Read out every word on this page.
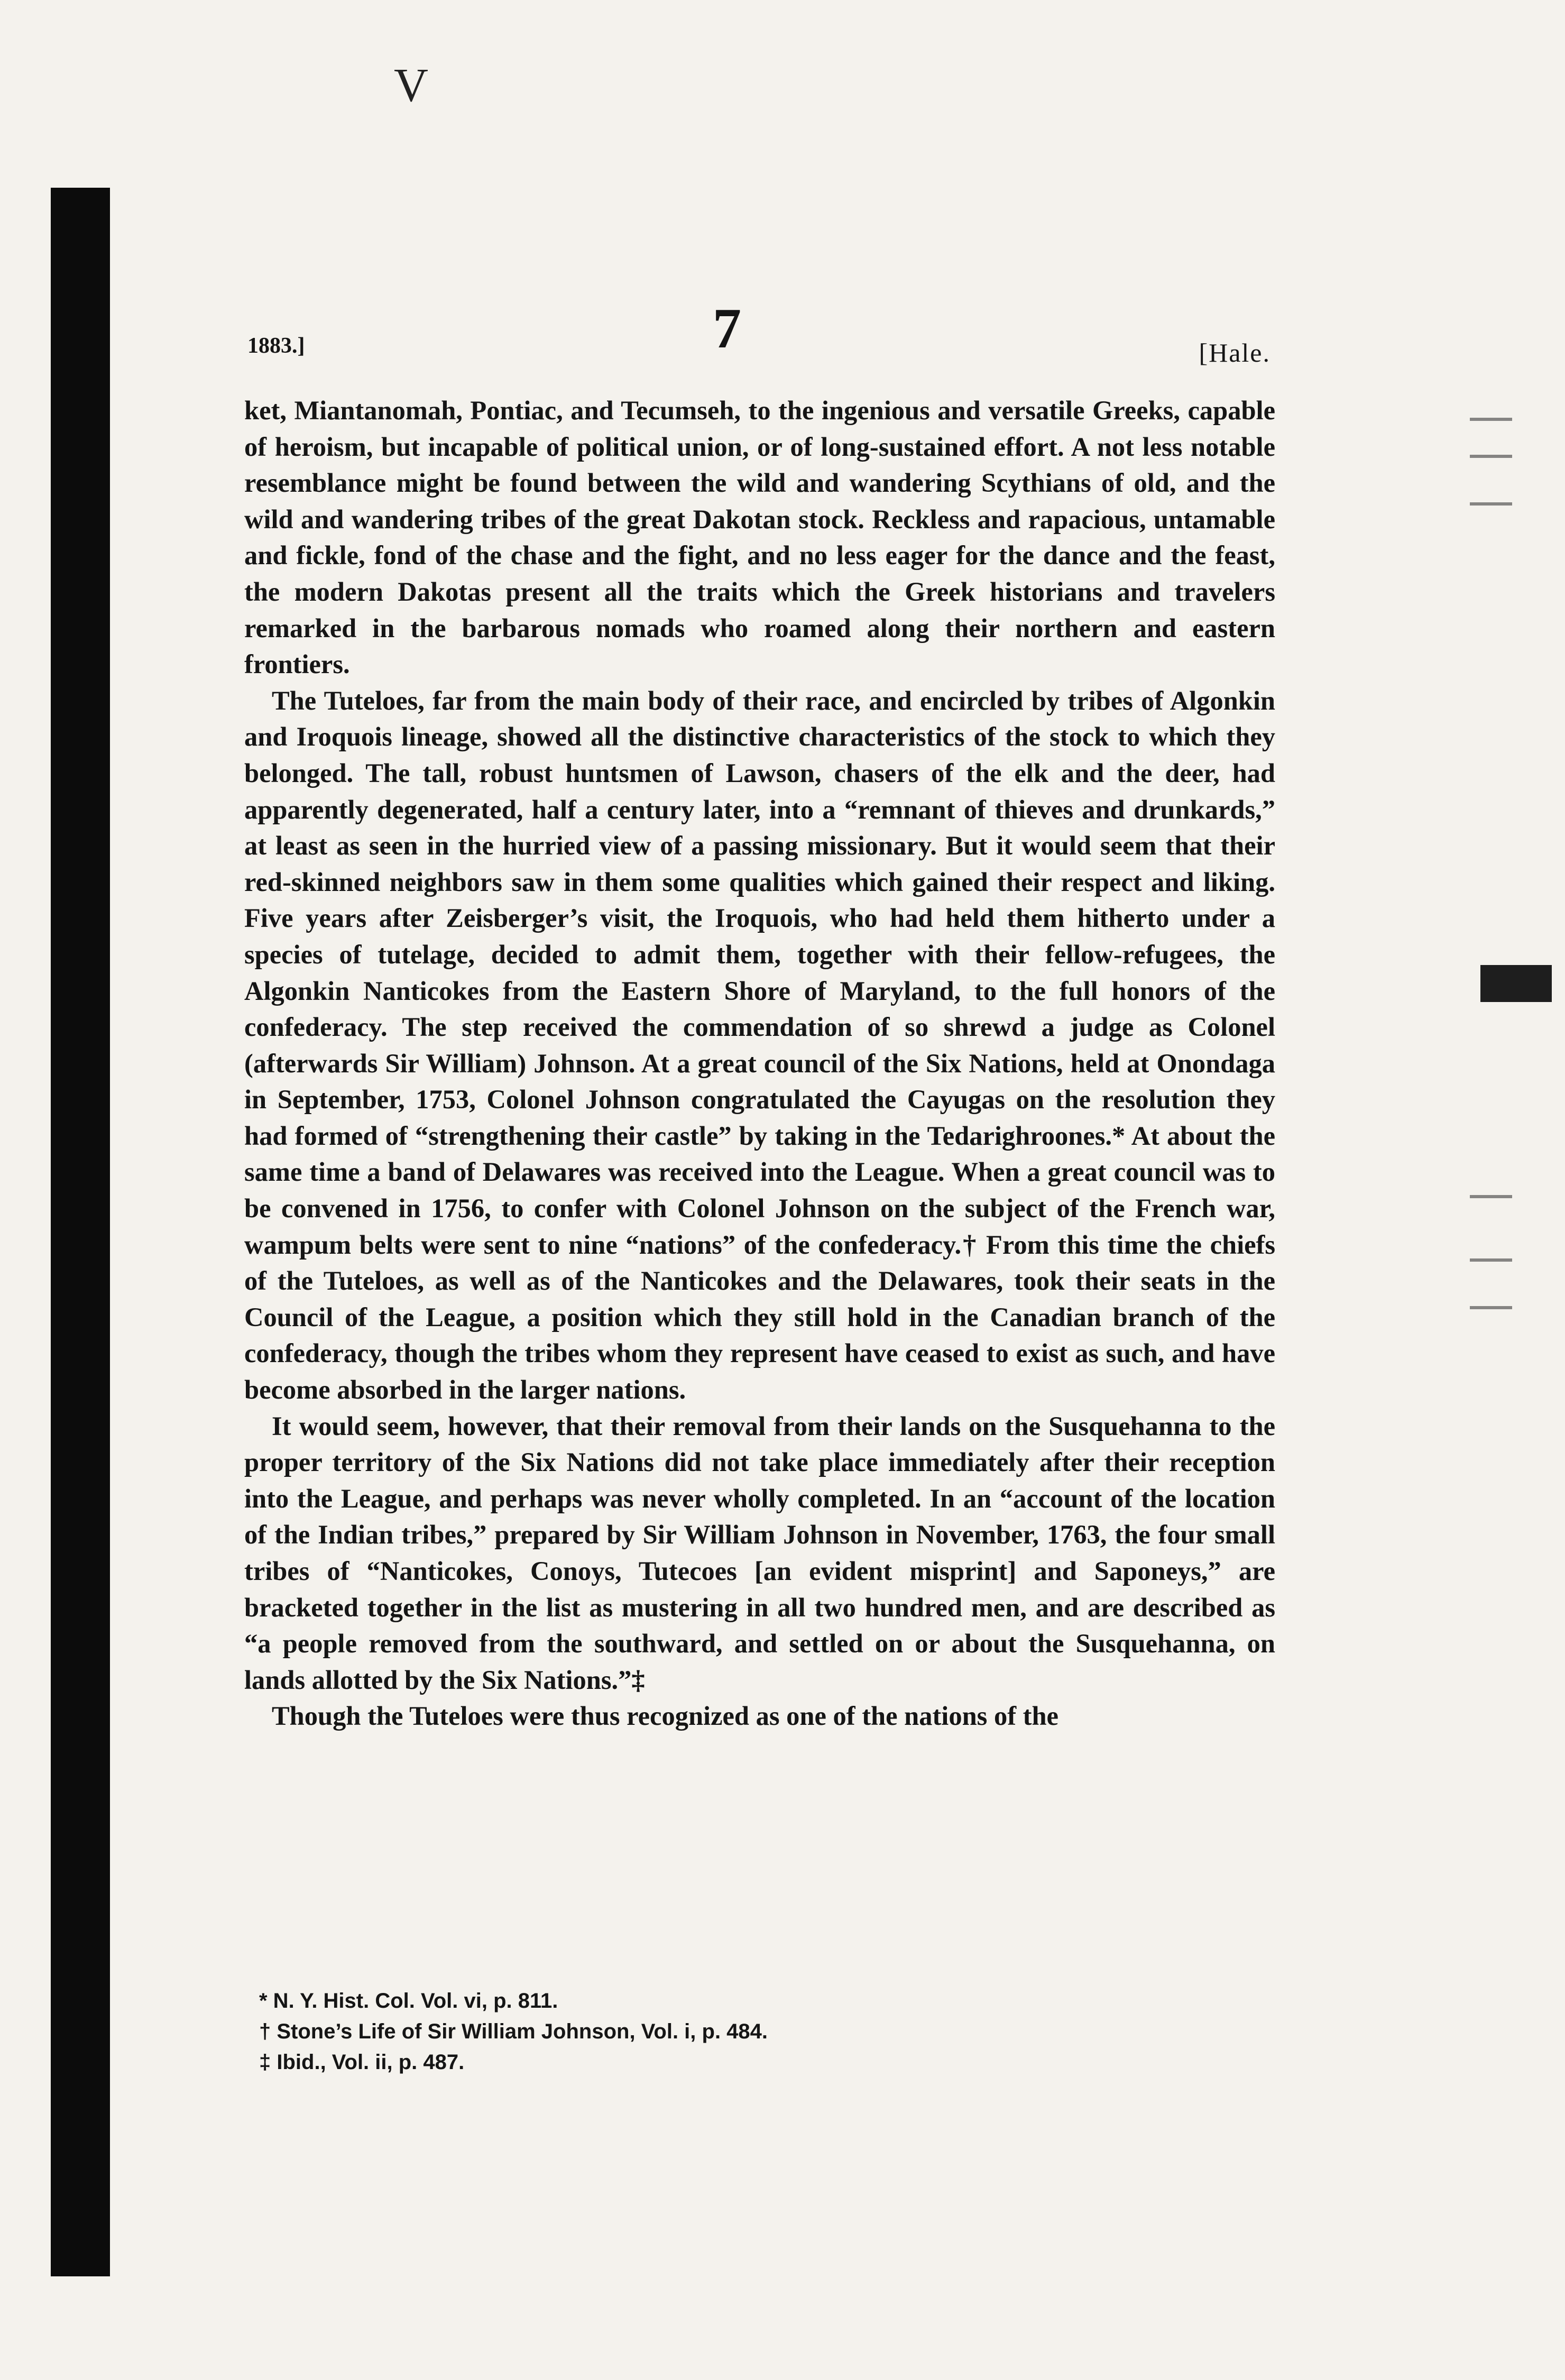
V
1883.]	7	[Hale.

ket, Miantanomah, Pontiac, and Tecumseh, to the ingenious and versatile Greeks, capable of heroism, but incapable of political union, or of long-sustained effort. A not less notable resemblance might be found between the wild and wandering Scythians of old, and the wild and wandering tribes of the great Dakotan stock. Reckless and rapacious, untamable and fickle, fond of the chase and the fight, and no less eager for the dance and the feast, the modern Dakotas present all the traits which the Greek historians and travelers remarked in the barbarous nomads who roamed along their northern and eastern frontiers.

The Tuteloes, far from the main body of their race, and encircled by tribes of Algonkin and Iroquois lineage, showed all the distinctive characteristics of the stock to which they belonged. The tall, robust huntsmen of Lawson, chasers of the elk and the deer, had apparently degenerated, half a century later, into a “remnant of thieves and drunkards,” at least as seen in the hurried view of a passing missionary. But it would seem that their red-skinned neighbors saw in them some qualities which gained their respect and liking. Five years after Zeisberger’s visit, the Iroquois, who had held them hitherto under a species of tutelage, decided to admit them, together with their fellow-refugees, the Algonkin Nanticokes from the Eastern Shore of Maryland, to the full honors of the confederacy. The step received the commendation of so shrewd a judge as Colonel (afterwards Sir William) Johnson. At a great council of the Six Nations, held at Onondaga in September, 1753, Colonel Johnson congratulated the Cayugas on the resolution they had formed of “strengthening their castle” by taking in the Tedarighroones.* At about the same time a band of Delawares was received into the League. When a great council was to be convened in 1756, to confer with Colonel Johnson on the subject of the French war, wampum belts were sent to nine “nations” of the confederacy.† From this time the chiefs of the Tuteloes, as well as of the Nanticokes and the Delawares, took their seats in the Council of the League, a position which they still hold in the Canadian branch of the confederacy, though the tribes whom they represent have ceased to exist as such, and have become absorbed in the larger nations.

It would seem, however, that their removal from their lands on the Susquehanna to the proper territory of the Six Nations did not take place immediately after their reception into the League, and perhaps was never wholly completed. In an “account of the location of the Indian tribes,” prepared by Sir William Johnson in November, 1763, the four small tribes of “Nanticokes, Conoys, Tutecoes [an evident misprint] and Saponeys,” are bracketed together in the list as mustering in all two hundred men, and are described as “a people removed from the southward, and settled on or about the Susquehanna, on lands allotted by the Six Nations.”‡

Though the Tuteloes were thus recognized as one of the nations of the

* N. Y. Hist. Col. Vol. vi, p. 811.
† Stone’s Life of Sir William Johnson, Vol. i, p. 484.
‡ Ibid., Vol. ii, p. 487.
